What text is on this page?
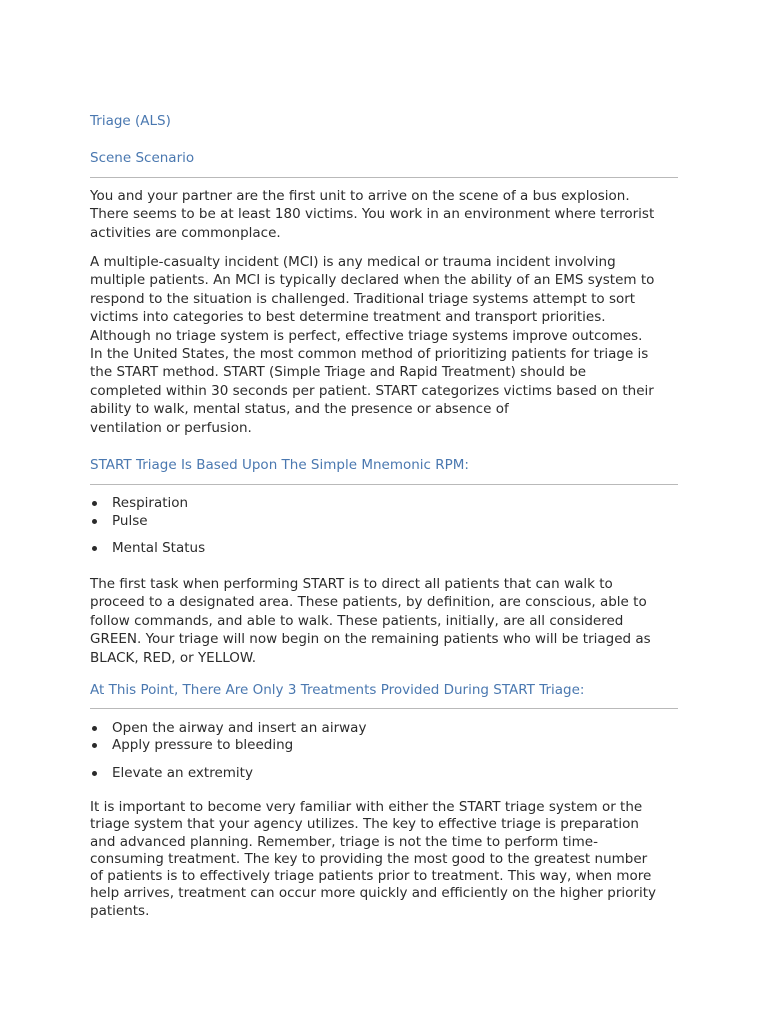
Triage (ALS)
Scene Scenario
You and your partner are the first unit to arrive on the scene of a bus explosion.
There seems to be at least 180 victims. You work in an environment where terrorist
activities are commonplace.
A multiple-casualty incident (MCI) is any medical or trauma incident involving
multiple patients. An MCI is typically declared when the ability of an EMS system to
respond to the situation is challenged. Traditional triage systems attempt to sort
victims into categories to best determine treatment and transport priorities.
Although no triage system is perfect, effective triage systems improve outcomes.
In the United States, the most common method of prioritizing patients for triage is
the START method. START (Simple Triage and Rapid Treatment) should be
completed within 30 seconds per patient. START categorizes victims based on their
ability to walk, mental status, and the presence or absence of
ventilation or perfusion.
START Triage Is Based Upon The Simple Mnemonic RPM:
Respiration
Pulse
Mental Status
The first task when performing START is to direct all patients that can walk to
proceed to a designated area. These patients, by definition, are conscious, able to
follow commands, and able to walk. These patients, initially, are all considered
GREEN. Your triage will now begin on the remaining patients who will be triaged as
BLACK, RED, or YELLOW.
At This Point, There Are Only 3 Treatments Provided During START Triage:
Open the airway and insert an airway
Apply pressure to bleeding
Elevate an extremity
It is important to become very familiar with either the START triage system or the
triage system that your agency utilizes. The key to effective triage is preparation
and advanced planning. Remember, triage is not the time to perform time-
consuming treatment. The key to providing the most good to the greatest number
of patients is to effectively triage patients prior to treatment. This way, when more
help arrives, treatment can occur more quickly and efficiently on the higher priority
patients.
